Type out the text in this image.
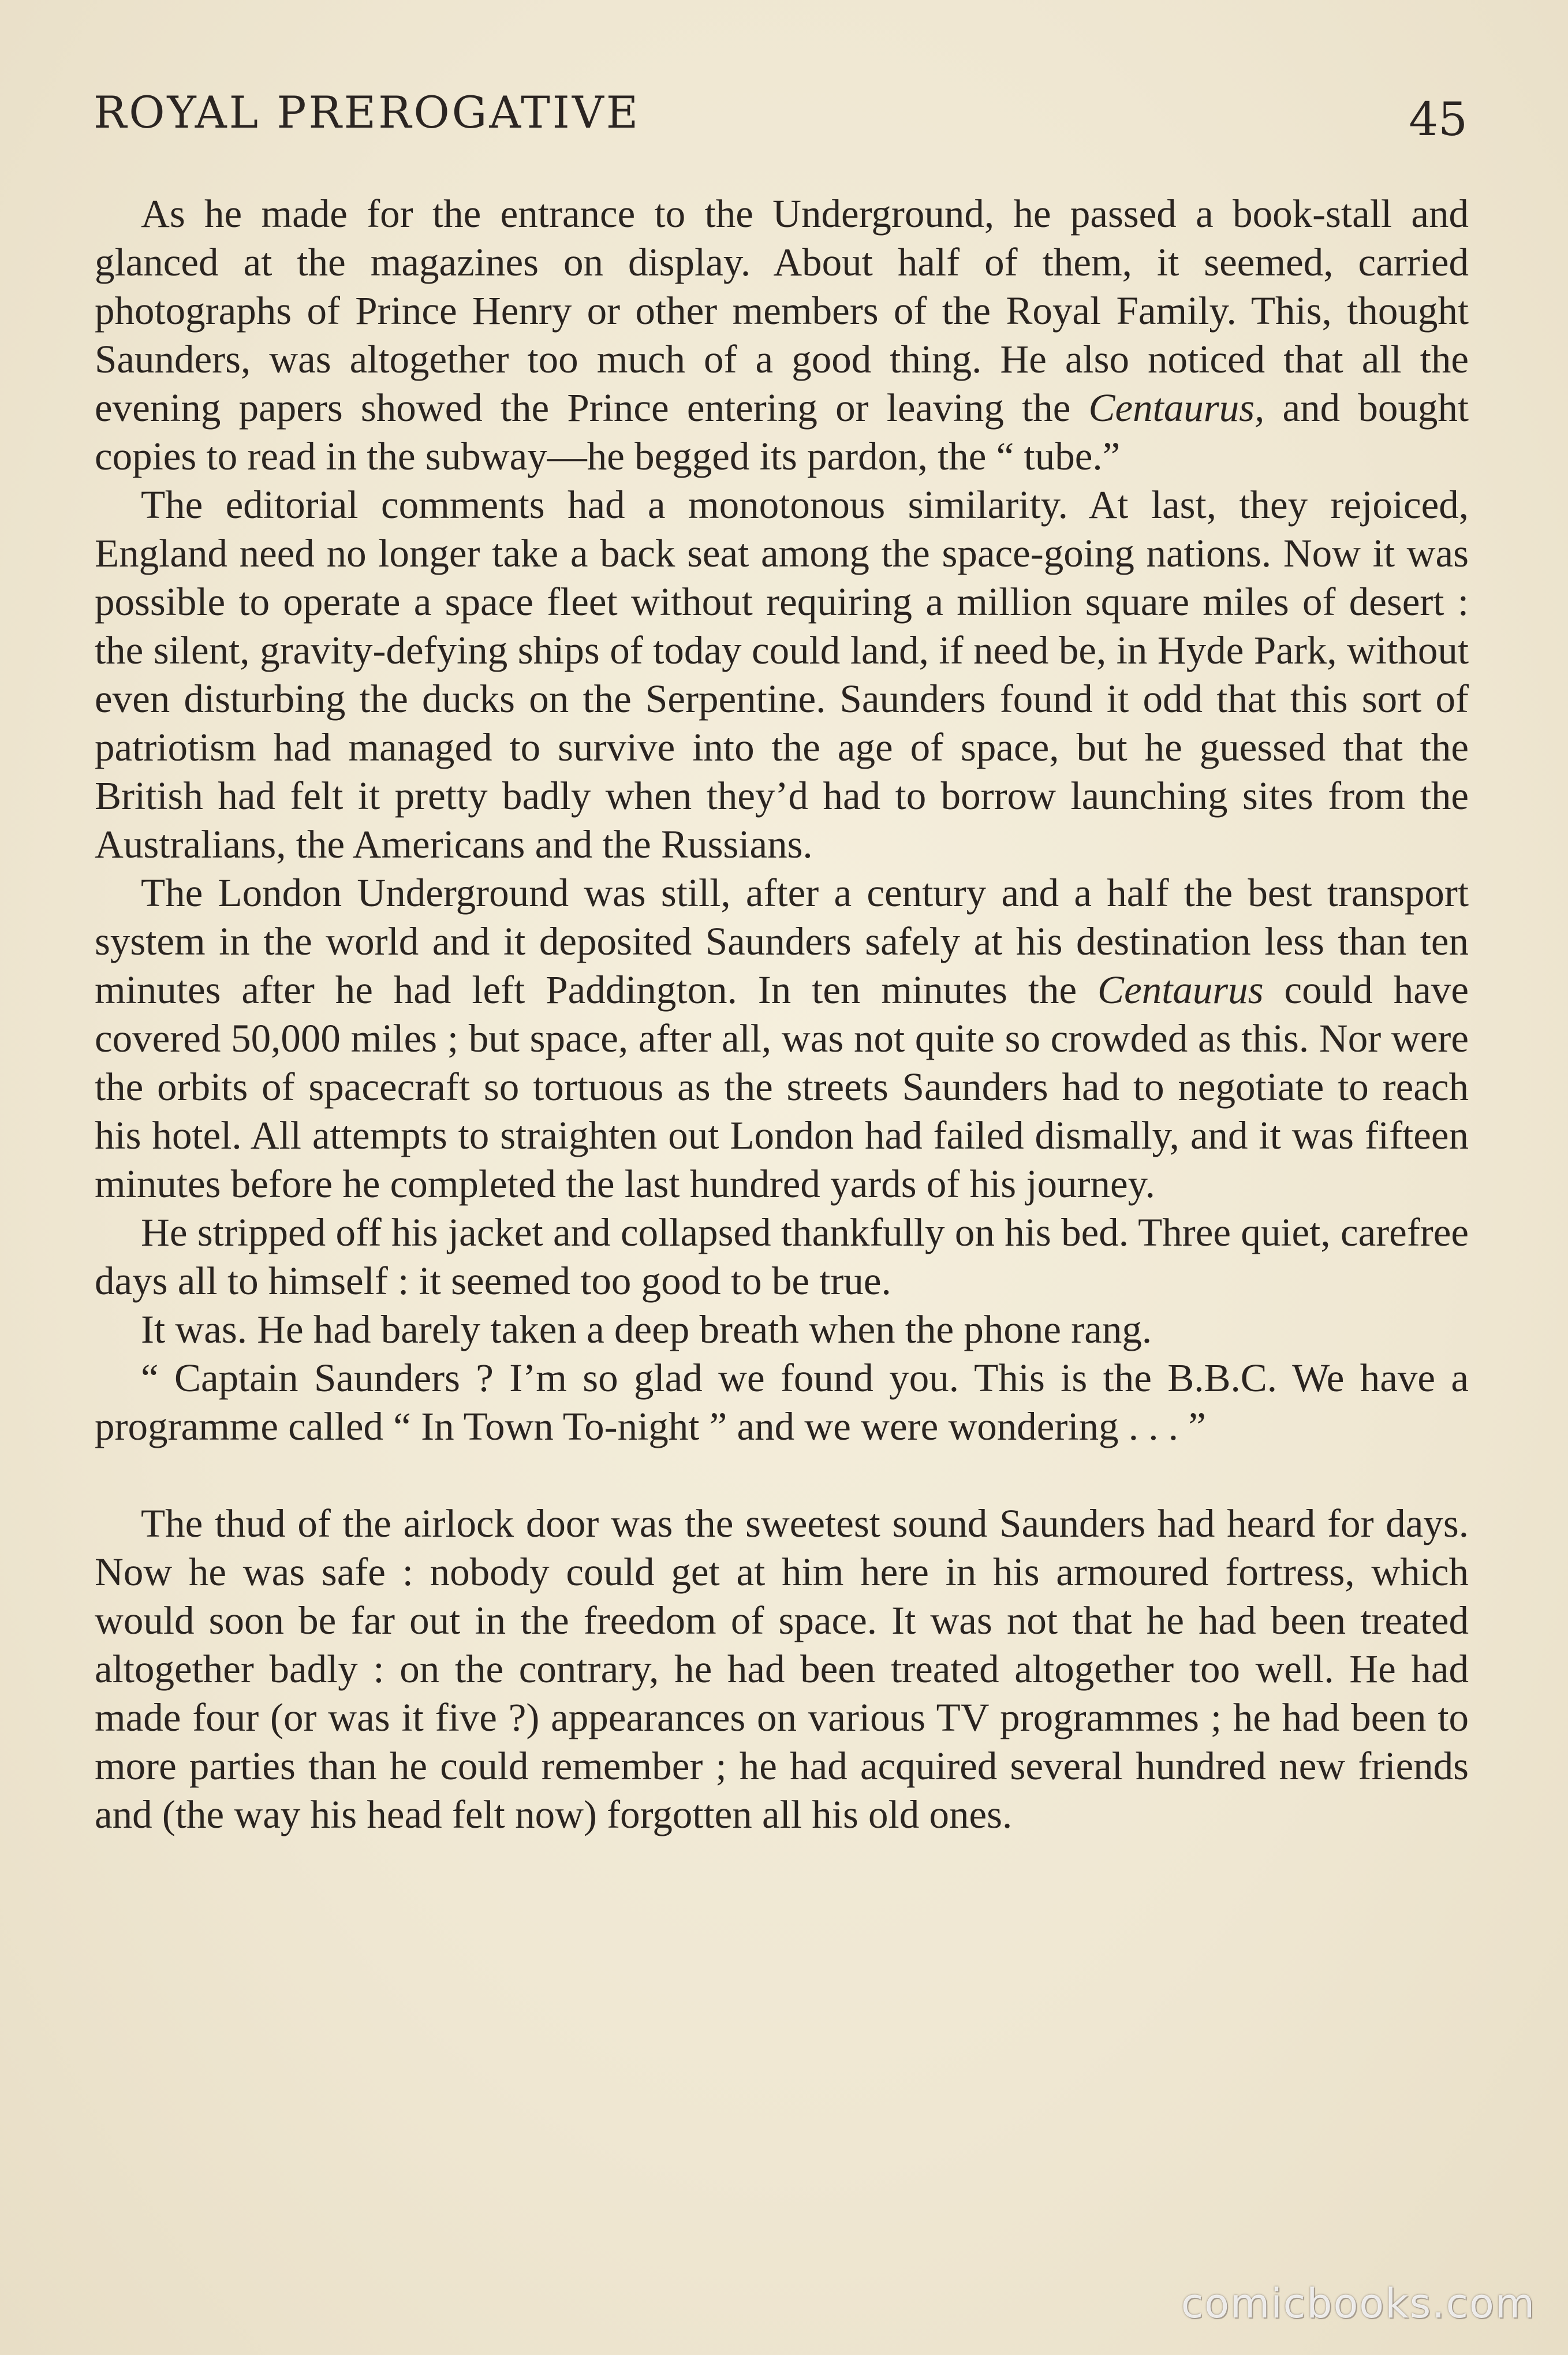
ROYAL PREROGATIVE	45

As he made for the entrance to the Underground, he passed a book-stall and glanced at the magazines on display. About half of them, it seemed, carried photographs of Prince Henry or other members of the Royal Family. This, thought Saunders, was altogether too much of a good thing. He also noticed that all the evening papers showed the Prince entering or leaving the Centaurus, and bought copies to read in the subway—he begged its pardon, the “ tube.”

The editorial comments had a monotonous similarity. At last, they rejoiced, England need no longer take a back seat among the space-going nations. Now it was possible to operate a space fleet without requiring a million square miles of desert : the silent, gravity-defying ships of today could land, if need be, in Hyde Park, without even disturbing the ducks on the Serpentine. Saunders found it odd that this sort of patriotism had managed to survive into the age of space, but he guessed that the British had felt it pretty badly when they’d had to borrow launching sites from the Australians, the Americans and the Russians.

The London Underground was still, after a century and a half the best transport system in the world and it deposited Saunders safely at his destination less than ten minutes after he had left Paddington. In ten minutes the Centaurus could have covered 50,000 miles ; but space, after all, was not quite so crowded as this. Nor were the orbits of spacecraft so tortuous as the streets Saunders had to negotiate to reach his hotel. All attempts to straighten out London had failed dismally, and it was fifteen minutes before he completed the last hundred yards of his journey.

He stripped off his jacket and collapsed thankfully on his bed. Three quiet, carefree days all to himself : it seemed too good to be true.

It was. He had barely taken a deep breath when the phone rang.

“ Captain Saunders ? I’m so glad we found you. This is the B.B.C. We have a programme called “ In Town To-night ” and we were wondering . . . ”

The thud of the airlock door was the sweetest sound Saunders had heard for days. Now he was safe : nobody could get at him here in his armoured fortress, which would soon be far out in the freedom of space. It was not that he had been treated altogether badly : on the contrary, he had been treated altogether too well. He had made four (or was it five ?) appearances on various TV programmes ; he had been to more parties than he could remember ; he had acquired several hundred new friends and (the way his head felt now) forgotten all his old ones.

comicbooks.com
